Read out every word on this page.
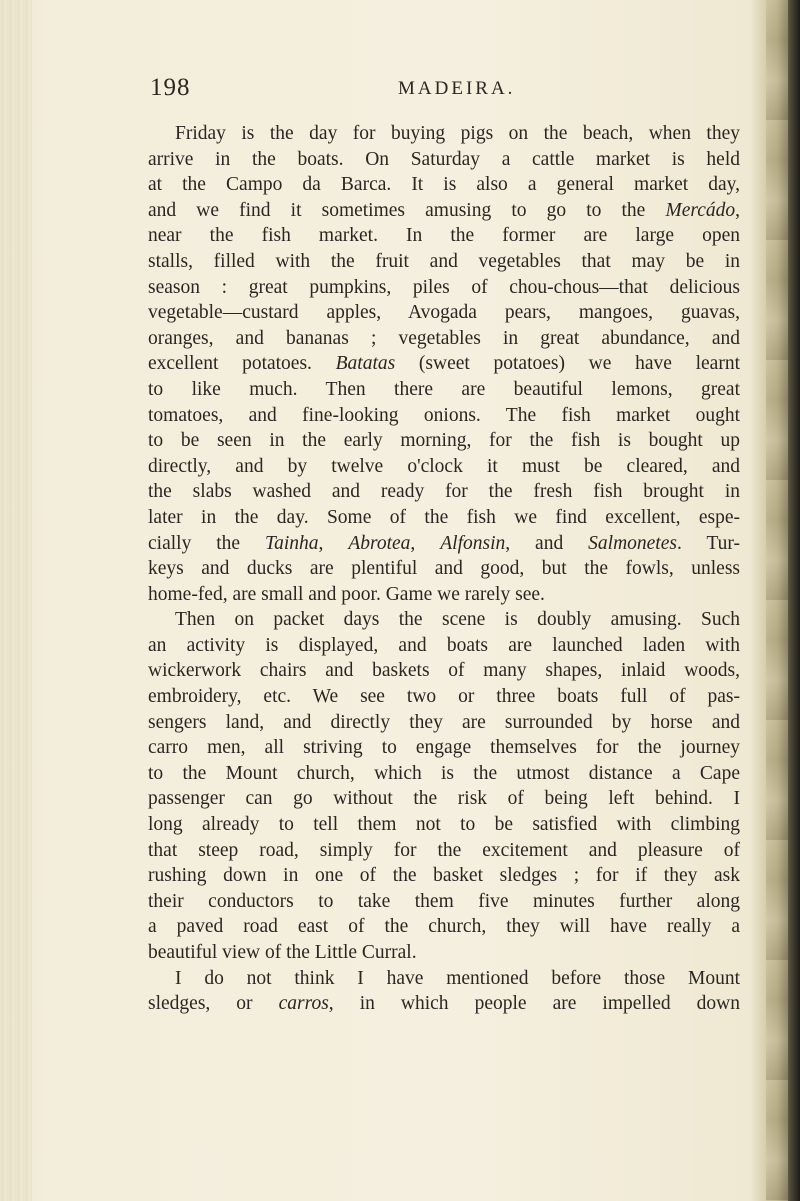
198	MADEIRA.
Friday is the day for buying pigs on the beach, when they
arrive in the boats. On Saturday a cattle market is held
at the Campo da Barca. It is also a general market day,
and we find it sometimes amusing to go to the Mercádo,
near the fish market. In the former are large open
stalls, filled with the fruit and vegetables that may be in
season : great pumpkins, piles of chou-chous—that delicious
vegetable—custard apples, Avogada pears, mangoes, guavas,
oranges, and bananas ; vegetables in great abundance, and
excellent potatoes. Batatas (sweet potatoes) we have learnt
to like much. Then there are beautiful lemons, great
tomatoes, and fine-looking onions. The fish market ought
to be seen in the early morning, for the fish is bought up
directly, and by twelve o'clock it must be cleared, and
the slabs washed and ready for the fresh fish brought in
later in the day. Some of the fish we find excellent, espe-
cially the Tainha, Abrotea, Alfonsin, and Salmonetes. Tur-
keys and ducks are plentiful and good, but the fowls, unless
home-fed, are small and poor. Game we rarely see.
Then on packet days the scene is doubly amusing. Such
an activity is displayed, and boats are launched laden with
wickerwork chairs and baskets of many shapes, inlaid woods,
embroidery, etc. We see two or three boats full of pas-
sengers land, and directly they are surrounded by horse and
carro men, all striving to engage themselves for the journey
to the Mount church, which is the utmost distance a Cape
passenger can go without the risk of being left behind. I
long already to tell them not to be satisfied with climbing
that steep road, simply for the excitement and pleasure of
rushing down in one of the basket sledges ; for if they ask
their conductors to take them five minutes further along
a paved road east of the church, they will have really a
beautiful view of the Little Curral.
I do not think I have mentioned before those Mount
sledges, or carros, in which people are impelled down
